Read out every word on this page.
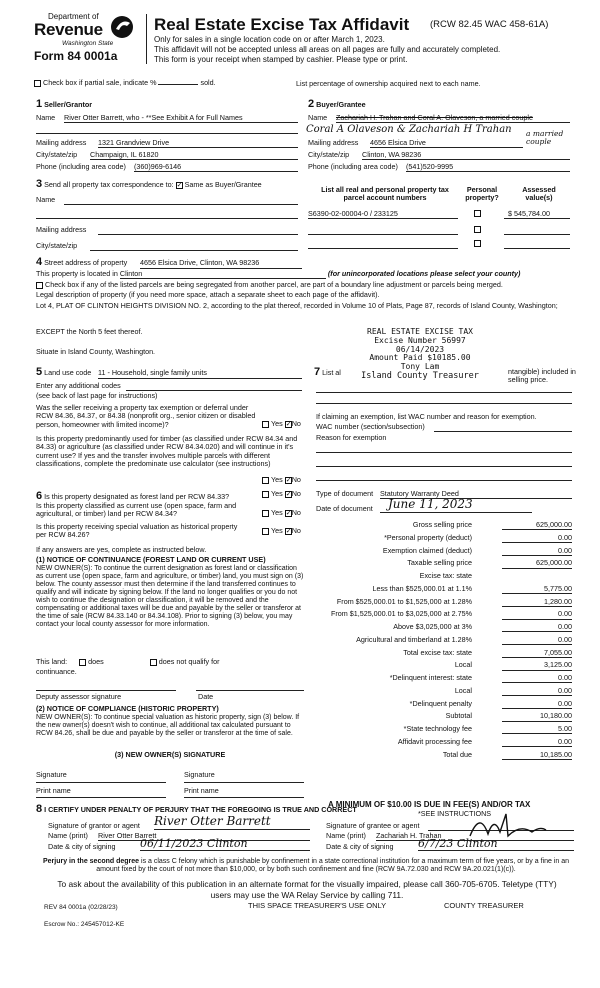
Department of
Revenue
Washington State
Form 84 0001a
Real Estate Excise Tax Affidavit (RCW 82.45 WAC 458-61A)
Only for sales in a single location code on or after March 1, 2023.
This affidavit will not be accepted unless all areas on all pages are fully and accurately completed.
This form is your receipt when stamped by cashier. Please type or print.
Check box if partial sale, indicate %	sold.	List percentage of ownership acquired next to each name.
1 Seller/Grantor
Name River Otter Barrett, who - **See Exhibit A for Full Names
Mailing address 1321 Grandview Drive
City/state/zip Champaign, IL 61820
Phone (including area code) (360)969-6146
2 Buyer/Grantee
Name Zachariah H. Trahan and Coral A. Olaveson, a married couple
Coral A Olaveson & Zachariah H Trahan a married couple
Mailing address 4656 Elsica Drive
City/state/zip Clinton, WA 98236
Phone (including area code) (541)520-9995
3 Send all property tax correspondence to: ✓ Same as Buyer/Grantee
Name
Mailing address
City/state/zip
List all real and personal property tax parcel account numbers
Personal property?
Assessed value(s)
S6390-02-00004-0 / 233125	$ 545,784.00
4 Street address of property 4656 Elsica Drive, Clinton, WA 98236
This property is located in Clinton	(for unincorporated locations please select your county)
Check box if any of the listed parcels are being segregated from another parcel, are part of a boundary line adjustment or parcels being merged.
Legal description of property (if you need more space, attach a separate sheet to each page of the affidavit).
Lot 4, PLAT OF CLINTON HEIGHTS DIVISION NO. 2, according to the plat thereof, recorded in Volume 10 of Plats, Page 87, records of Island County, Washington;
EXCEPT the North 5 feet thereof.
Situate in Island County, Washington.
REAL ESTATE EXCISE TAX
Excise Number 56997
06/14/2023
Amount Paid $10185.00
Tony Lam
Island County Treasurer
5 Land use code 11 - Household, single family units
Enter any additional codes
(see back of last page for instructions)
Was the seller receiving a property tax exemption or deferral under RCW 84.36, 84.37, or 84.38 (nonprofit org., senior citizen or disabled person, homeowner with limited income)?	Yes ✓No
Is this property predominantly used for timber (as classified under RCW 84.34 and 84.33) or agriculture (as classified under RCW 84.34.020) and will continue in it's current use? If yes and the transfer involves multiple parcels with different classifications, complete the predominate use calculator (see instructions)
Yes ✓No
7 List al	ntangible) included in selling price.
If claiming an exemption, list WAC number and reason for exemption.
WAC number (section/subsection)
Reason for exemption
6 Is this property designated as forest land per RCW 84.33?	Yes ✓No
Is this property classified as current use (open space, farm and agricultural, or timber) land per RCW 84.34?	Yes ✓No
Is this property receiving special valuation as historical property per RCW 84.26?	Yes ✓No
If any answers are yes, complete as instructed below.
(1) NOTICE OF CONTINUANCE (FOREST LAND OR CURRENT USE)
NEW OWNER(S): To continue the current designation as forest land or classification as current use (open space, farm and agriculture, or timber) land, you must sign on (3) below. The county assessor must then determine if the land transferred continues to qualify and will indicate by signing below. If the land no longer qualifies or you do not wish to continue the designation or classification, it will be removed and the compensating or additional taxes will be due and payable by the seller or transferor at the time of sale (RCW 84.33.140 or 84.34.108). Prior to signing (3) below, you may contact your local county assessor for more information.
This land:	does	does not qualify for
continuance.
Deputy assessor signature	Date
(2) NOTICE OF COMPLIANCE (HISTORIC PROPERTY)
NEW OWNER(S): To continue special valuation as historic property, sign (3) below. If the new owner(s) doesn't wish to continue, all additional tax calculated pursuant to RCW 84.26, shall be due and payable by the seller or transferor at the time of sale.
(3) NEW OWNER(S) SIGNATURE
Signature	Signature
Print name	Print name
Type of document Statutory Warranty Deed
Date of document	June 11, 2023
Gross selling price	625,000.00
*Personal property (deduct)	0.00
Exemption claimed (deduct)	0.00
Taxable selling price	625,000.00
Excise tax: state
Less than $525,000.01 at 1.1%	5,775.00
From $525,000.01 to $1,525,000 at 1.28%	1,280.00
From $1,525,000.01 to $3,025,000 at 2.75%	0.00
Above $3,025,000 at 3%	0.00
Agricultural and timberland at 1.28%	0.00
Total excise tax: state	7,055.00
Local	3,125.00
*Delinquent interest: state	0.00
Local	0.00
*Delinquent penalty	0.00
Subtotal	10,180.00
*State technology fee	5.00
Affidavit processing fee	0.00
Total due	10,185.00
A MINIMUM OF $10.00 IS DUE IN FEE(S) AND/OR TAX
*SEE INSTRUCTIONS
8 I CERTIFY UNDER PENALTY OF PERJURY THAT THE FOREGOING IS TRUE AND CORRECT
Signature of grantor or agent River Otter Barrett
Name (print) River Otter Barrett
Date & city of signing 06/11/2023 Clinton
Signature of grantee or agent
Name (print) Zachariah H. Trahan
Date & city of signing 6/7/23 Clinton
Perjury in the second degree is a class C felony which is punishable by confinement in a state correctional institution for a maximum term of five years, or by a fine in an amount fixed by the court of not more than $10,000, or by both such confinement and fine (RCW 9A.72.030 and RCW 9A.20.021(1)(c)).
To ask about the availability of this publication in an alternate format for the visually impaired, please call 360-705-6705. Teletype (TTY) users may use the WA Relay Service by calling 711.
REV 84 0001a (02/28/23)	THIS SPACE TREASURER'S USE ONLY	COUNTY TREASURER
Escrow No.: 245457012-KE
